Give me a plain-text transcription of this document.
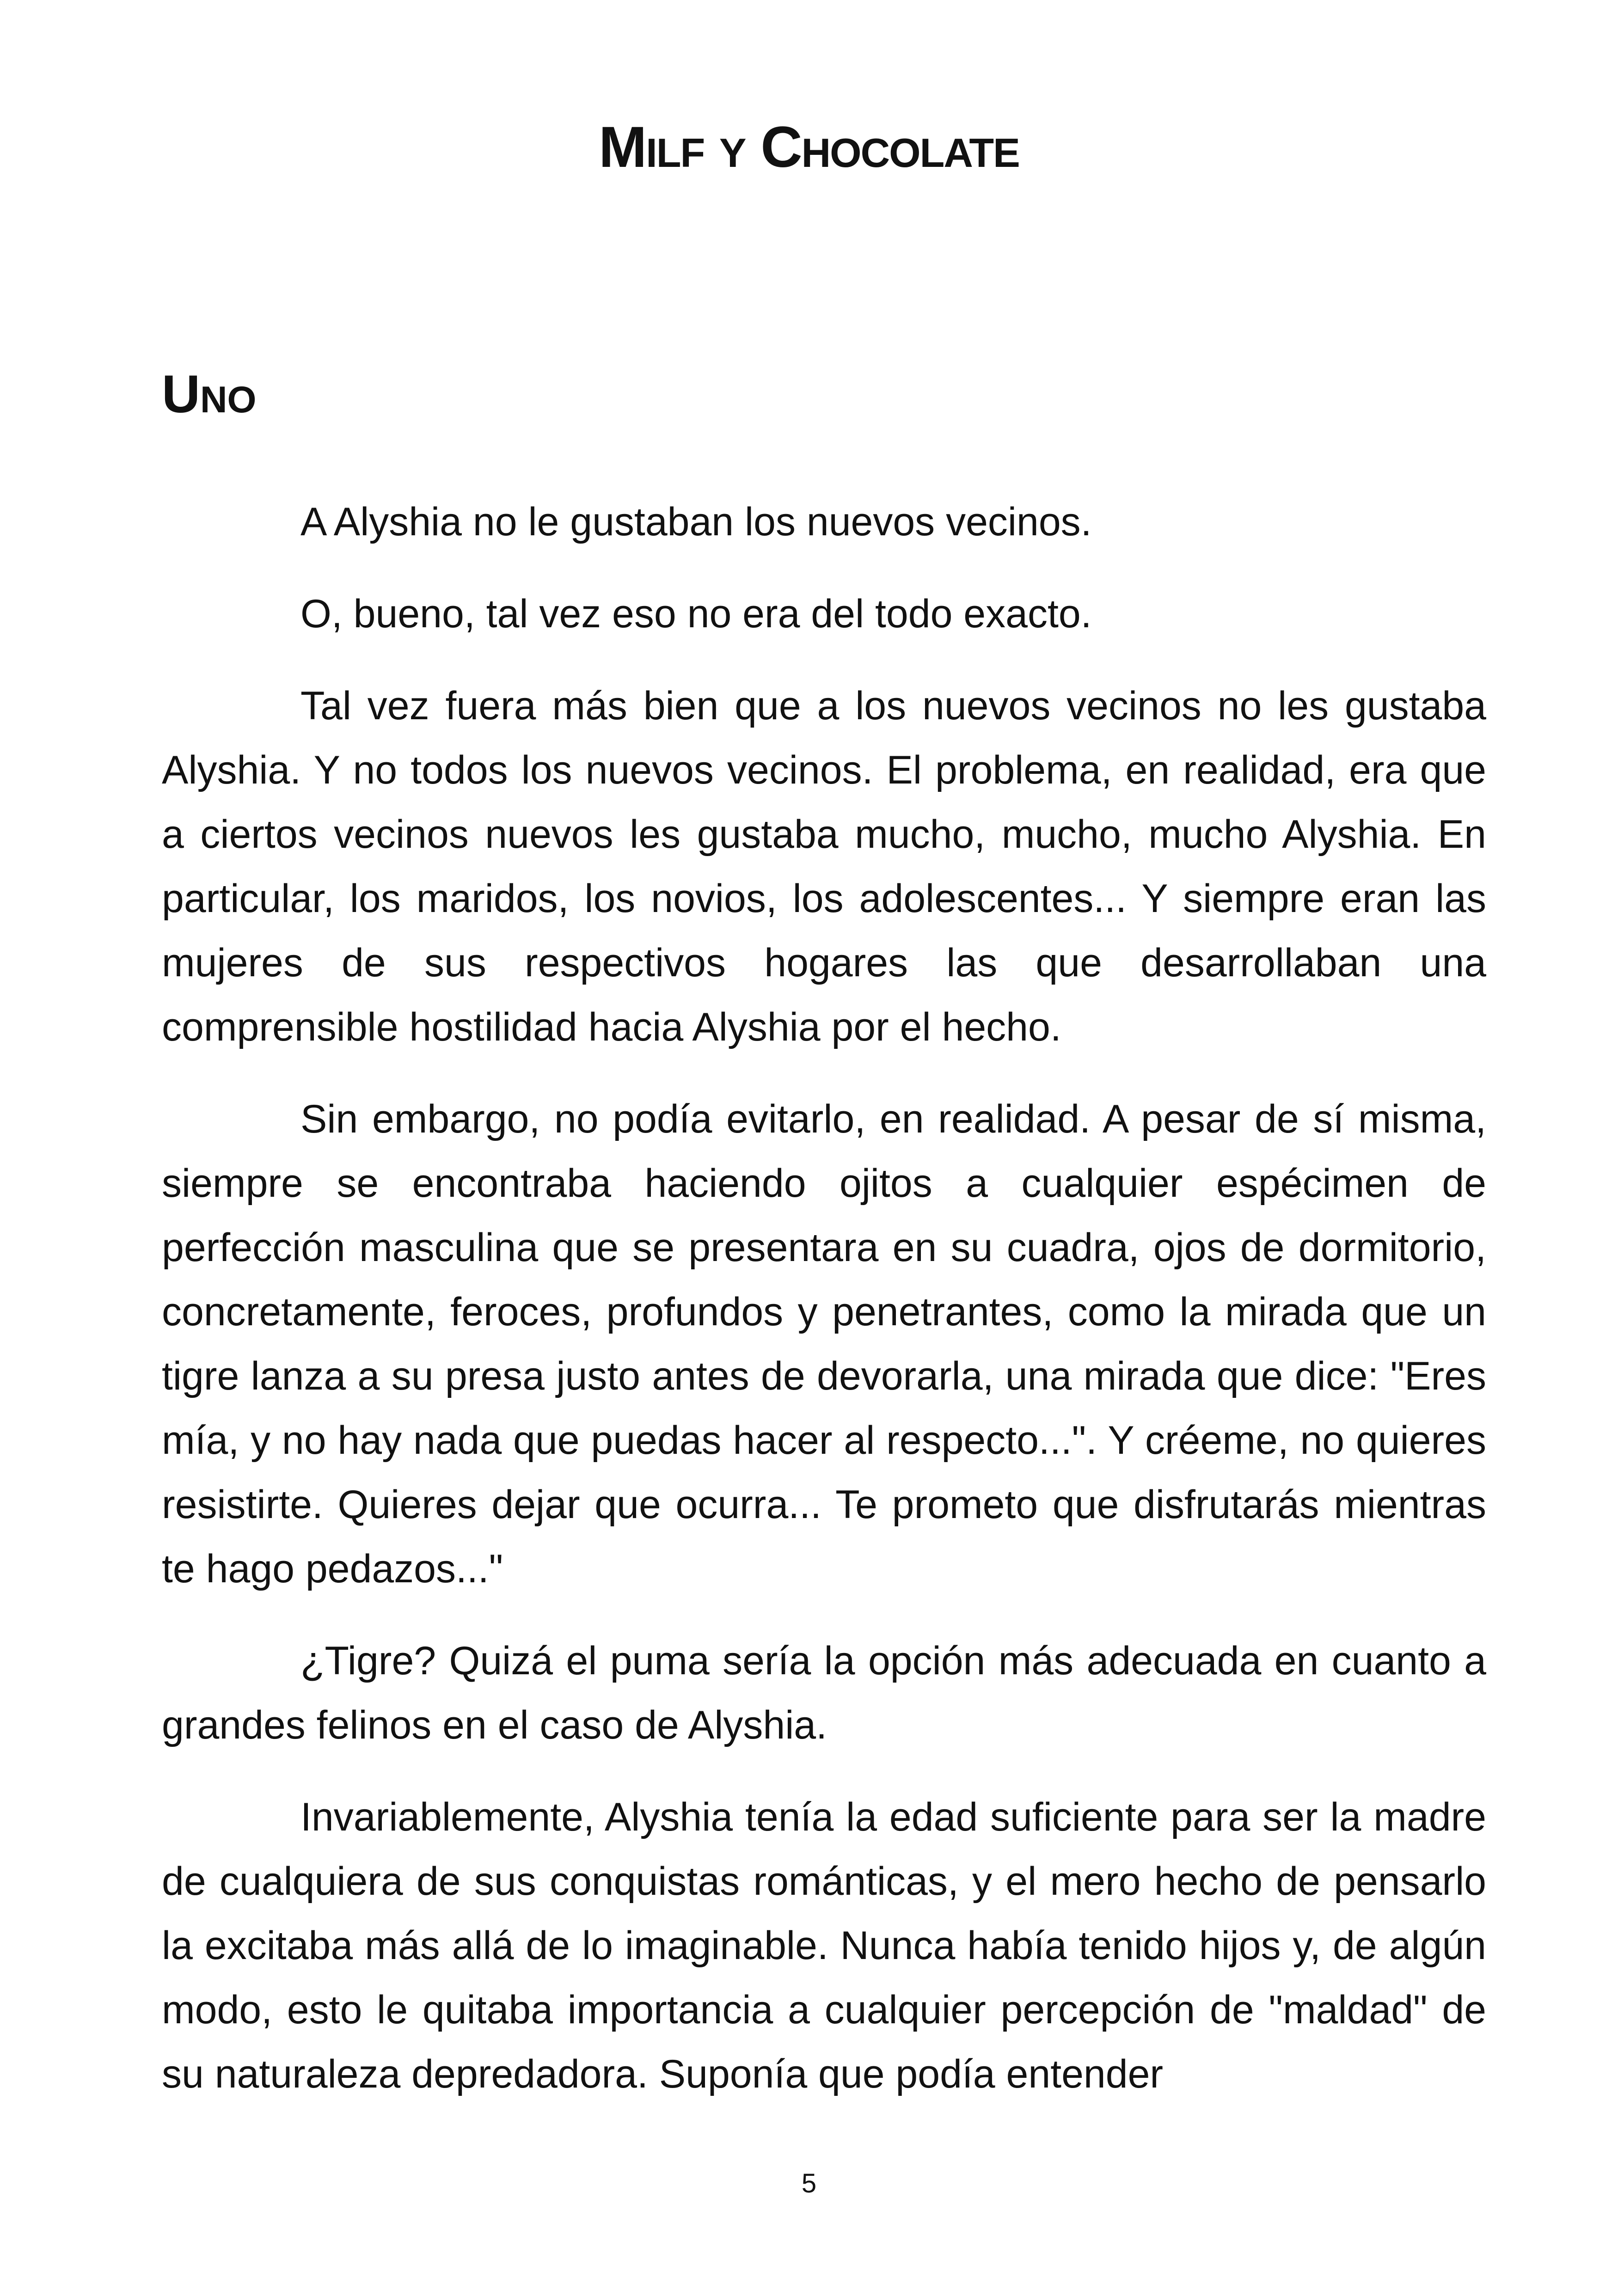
Milf y Chocolate
Uno

A Alyshia no le gustaban los nuevos vecinos.

O, bueno, tal vez eso no era del todo exacto.

Tal vez fuera más bien que a los nuevos vecinos no les gustaba Alyshia. Y no todos los nuevos vecinos. El problema, en realidad, era que a ciertos vecinos nuevos les gustaba mucho, mucho, mucho Alyshia. En particular, los maridos, los novios, los adolescentes... Y siempre eran las mujeres de sus respectivos hogares las que desarrollaban una comprensible hostilidad hacia Alyshia por el hecho.

Sin embargo, no podía evitarlo, en realidad. A pesar de sí misma, siempre se encontraba haciendo ojitos a cualquier espécimen de perfección masculina que se presentara en su cuadra, ojos de dormitorio, concretamente, feroces, profundos y penetrantes, como la mirada que un tigre lanza a su presa justo antes de devorarla, una mirada que dice: "Eres mía, y no hay nada que puedas hacer al respecto...". Y créeme, no quieres resistirte. Quieres dejar que ocurra... Te prometo que disfrutarás mientras te hago pedazos..."

¿Tigre? Quizá el puma sería la opción más adecuada en cuanto a grandes felinos en el caso de Alyshia.

Invariablemente, Alyshia tenía la edad suficiente para ser la madre de cualquiera de sus conquistas románticas, y el mero hecho de pensarlo la excitaba más allá de lo imaginable. Nunca había tenido hijos y, de algún modo, esto le quitaba importancia a cualquier percepción de "maldad" de su naturaleza depredadora. Suponía que podía entender

5
